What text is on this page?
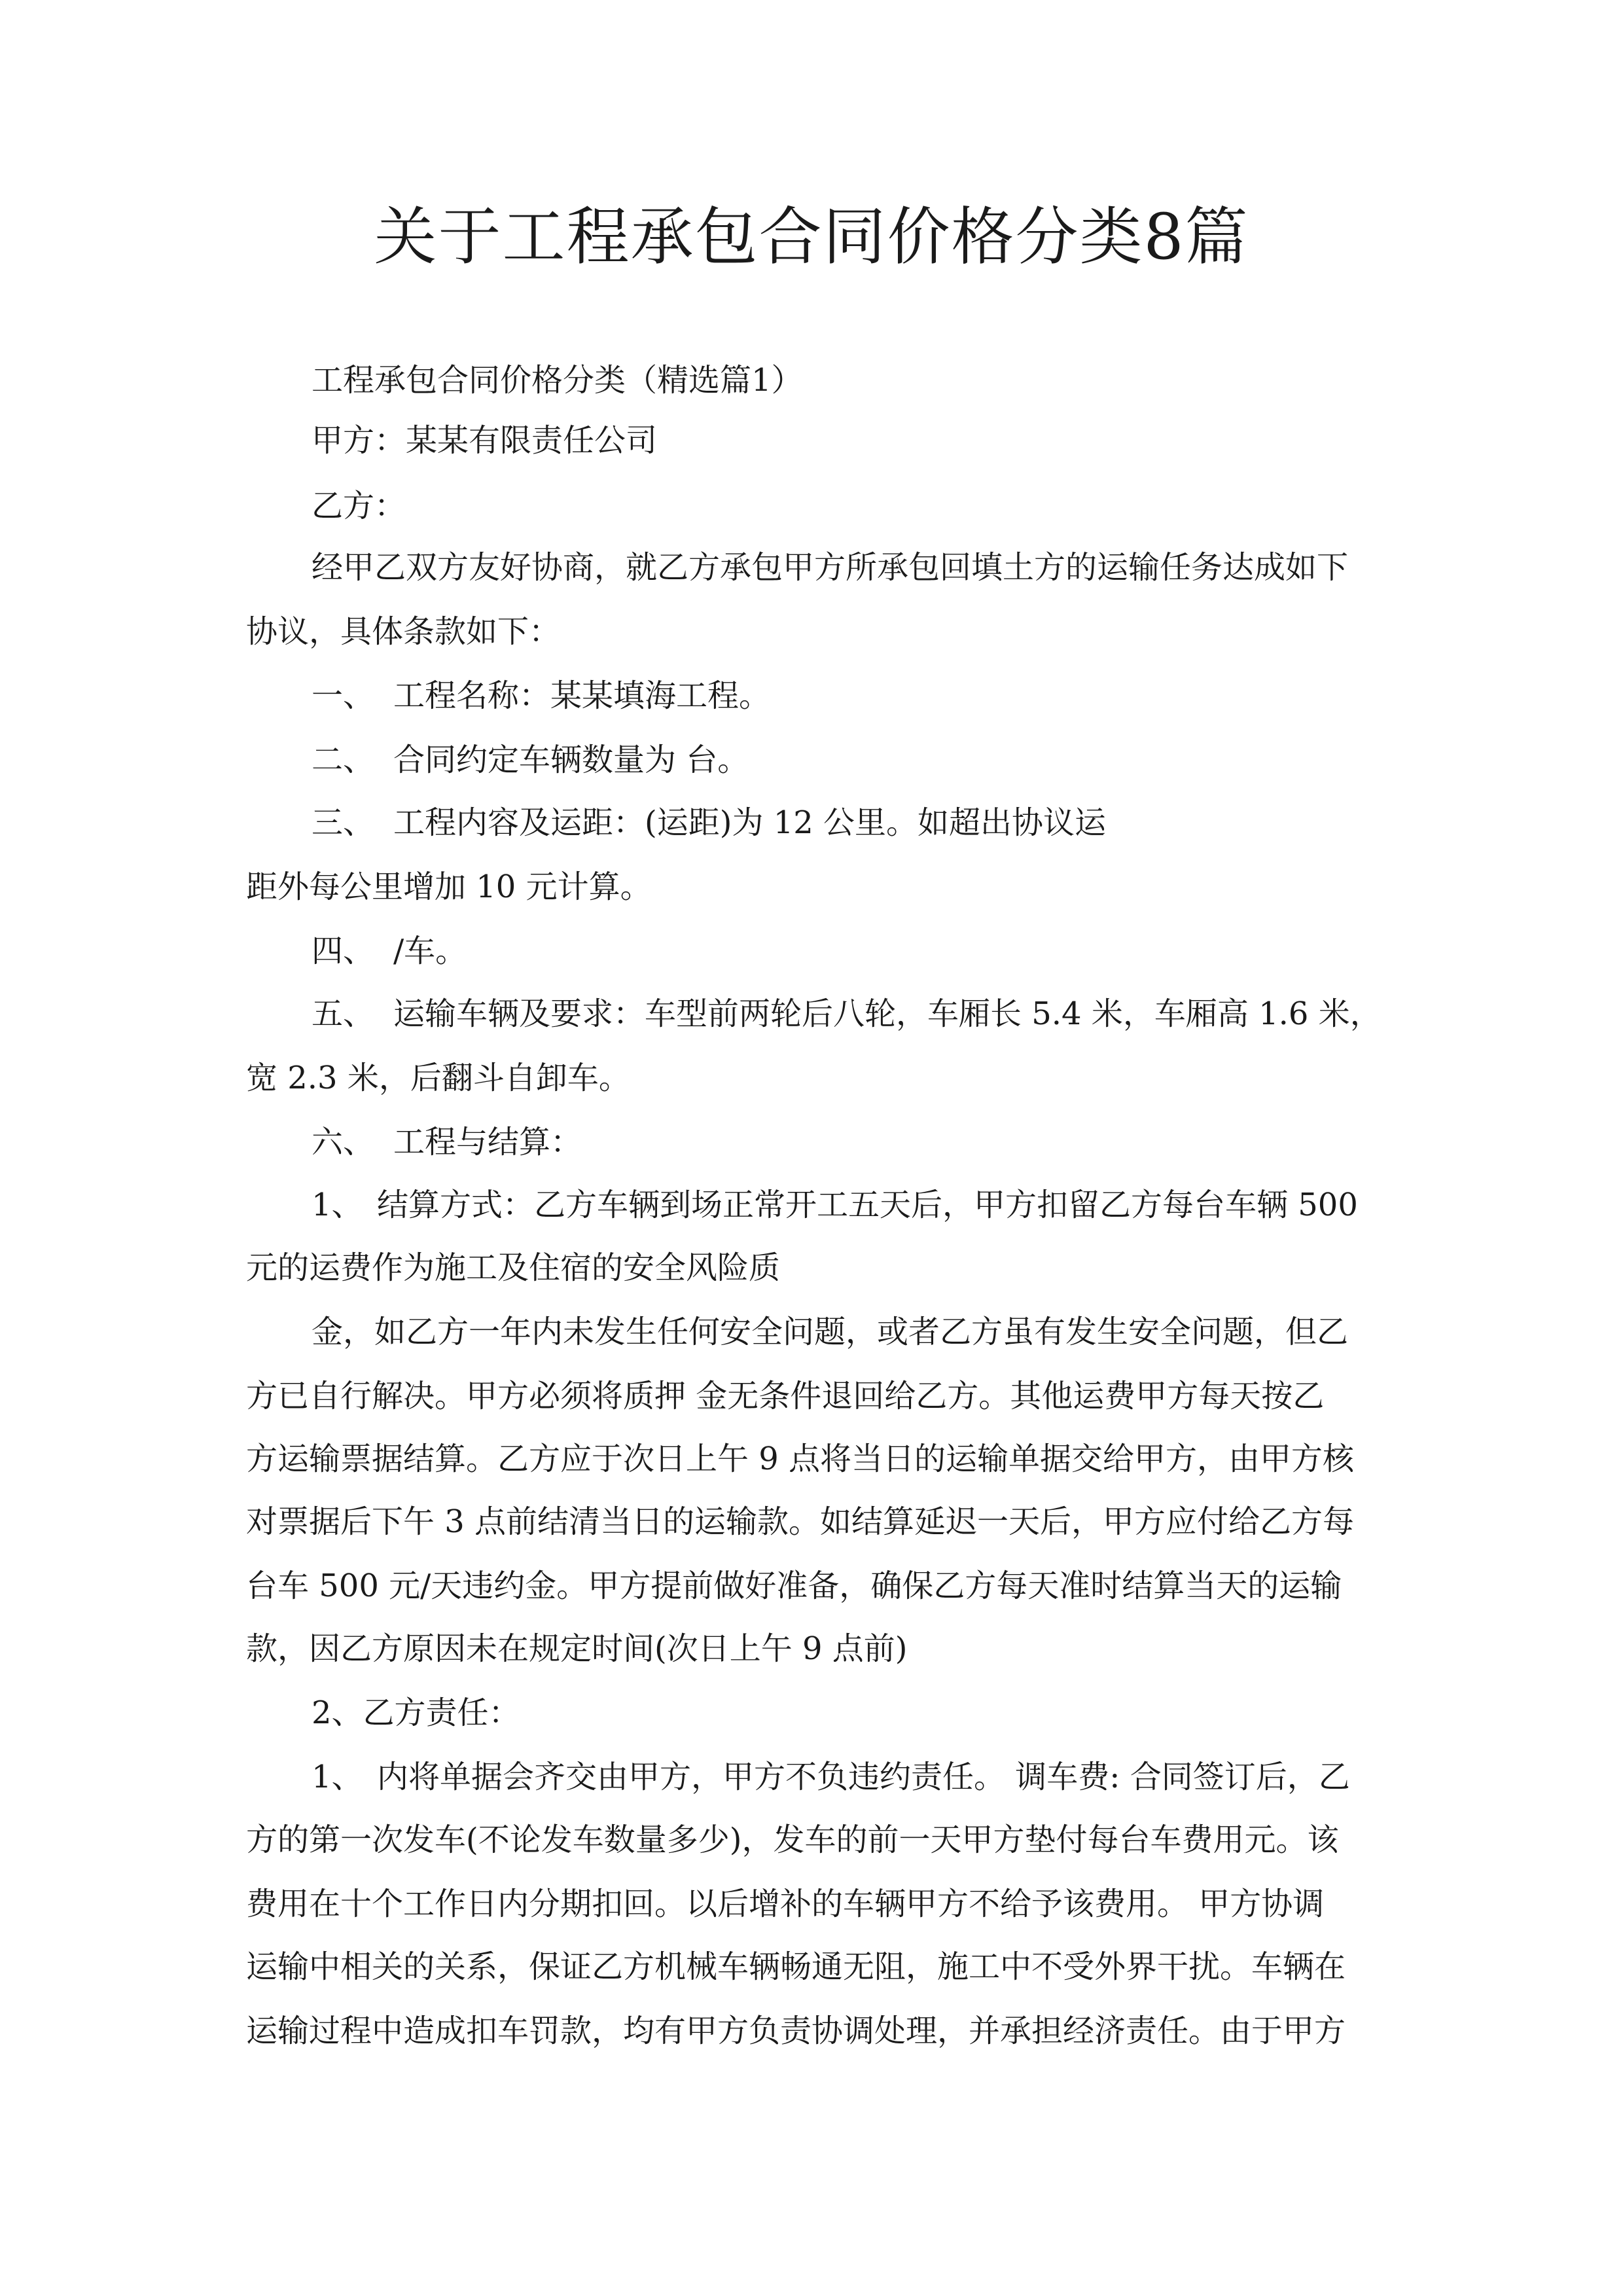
关于工程承包合同价格分类8篇

工程承包合同价格分类（精选篇1）

甲方：某某有限责任公司

乙方：

经甲乙双方友好协商，就乙方承包甲方所承包回填土方的运输任务达成如下

协议，具体条款如下：

一、 工程名称：某某填海工程。

二、 合同约定车辆数量为 台。

三、 工程内容及运距：(运距)为 12 公里。如超出协议运

距外每公里增加 10 元计算。

四、 /车。

五、 运输车辆及要求：车型前两轮后八轮，车厢长 5.4 米，车厢高 1.6 米，

宽 2.3 米，后翻斗自卸车。

六、 工程与结算：

1、 结算方式：乙方车辆到场正常开工五天后，甲方扣留乙方每台车辆 500

元的运费作为施工及住宿的安全风险质

金，如乙方一年内未发生任何安全问题，或者乙方虽有发生安全问题，但乙

方已自行解决。甲方必须将质押 金无条件退回给乙方。其他运费甲方每天按乙

方运输票据结算。乙方应于次日上午 9 点将当日的运输单据交给甲方，由甲方核

对票据后下午 3 点前结清当日的运输款。如结算延迟一天后，甲方应付给乙方每

台车 500 元/天违约金。甲方提前做好准备，确保乙方每天准时结算当天的运输

款，因乙方原因未在规定时间(次日上午 9 点前)

2、乙方责任：

1、 内将单据会齐交由甲方，甲方不负违约责任。 调车费: 合同签订后，乙

方的第一次发车(不论发车数量多少)，发车的前一天甲方垫付每台车费用元。该

费用在十个工作日内分期扣回。以后增补的车辆甲方不给予该费用。 甲方协调

运输中相关的关系，保证乙方机械车辆畅通无阻，施工中不受外界干扰。车辆在

运输过程中造成扣车罚款，均有甲方负责协调处理，并承担经济责任。由于甲方
